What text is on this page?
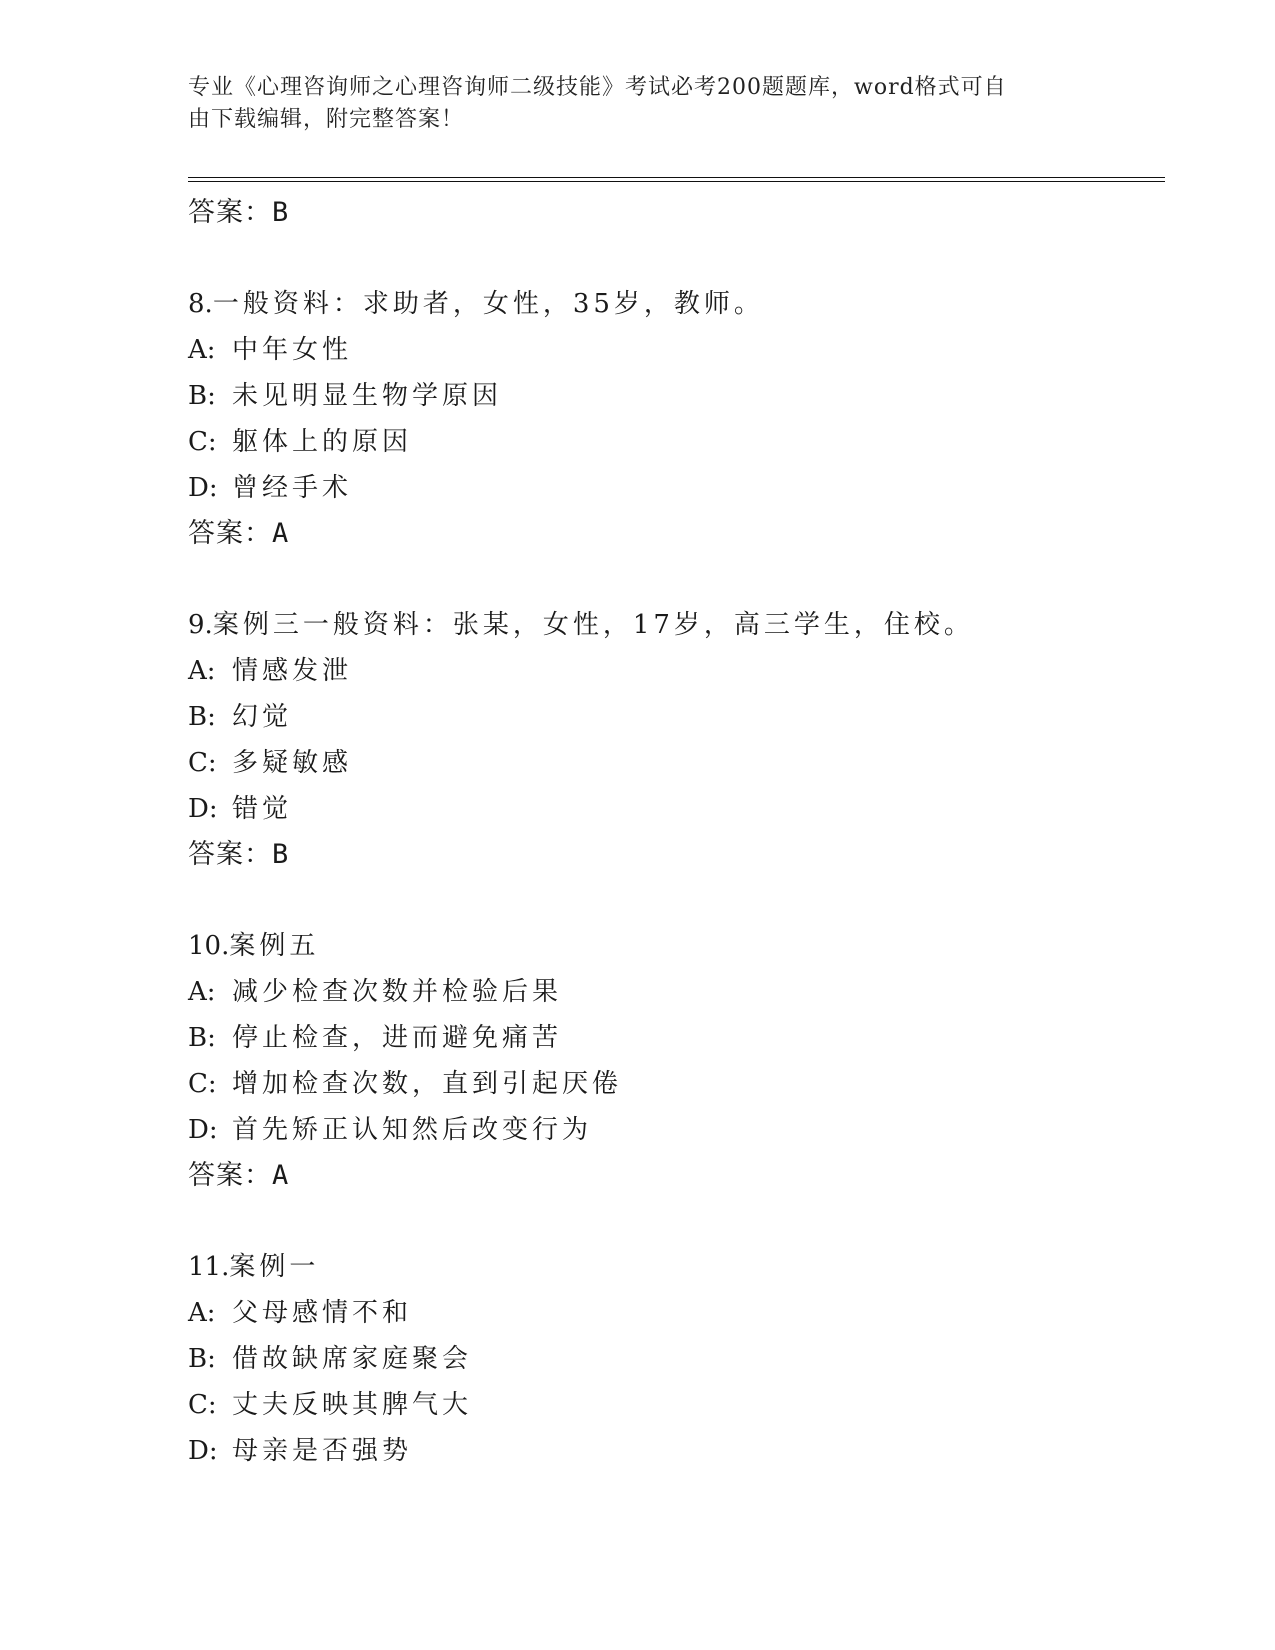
专业《心理咨询师之心理咨询师二级技能》考试必考200题题库，word格式可自
由下载编辑，附完整答案！
答案：B
8.一般资料：求助者，女性，35岁，教师。
A: 中年女性
B: 未见明显生物学原因
C: 躯体上的原因
D: 曾经手术
答案：A
9.案例三一般资料：张某，女性，17岁，高三学生，住校。
A: 情感发泄
B: 幻觉
C: 多疑敏感
D: 错觉
答案：B
10.案例五
A: 减少检查次数并检验后果
B: 停止检查，进而避免痛苦
C: 增加检查次数，直到引起厌倦
D: 首先矫正认知然后改变行为
答案：A
11.案例一
A: 父母感情不和
B: 借故缺席家庭聚会
C: 丈夫反映其脾气大
D: 母亲是否强势
